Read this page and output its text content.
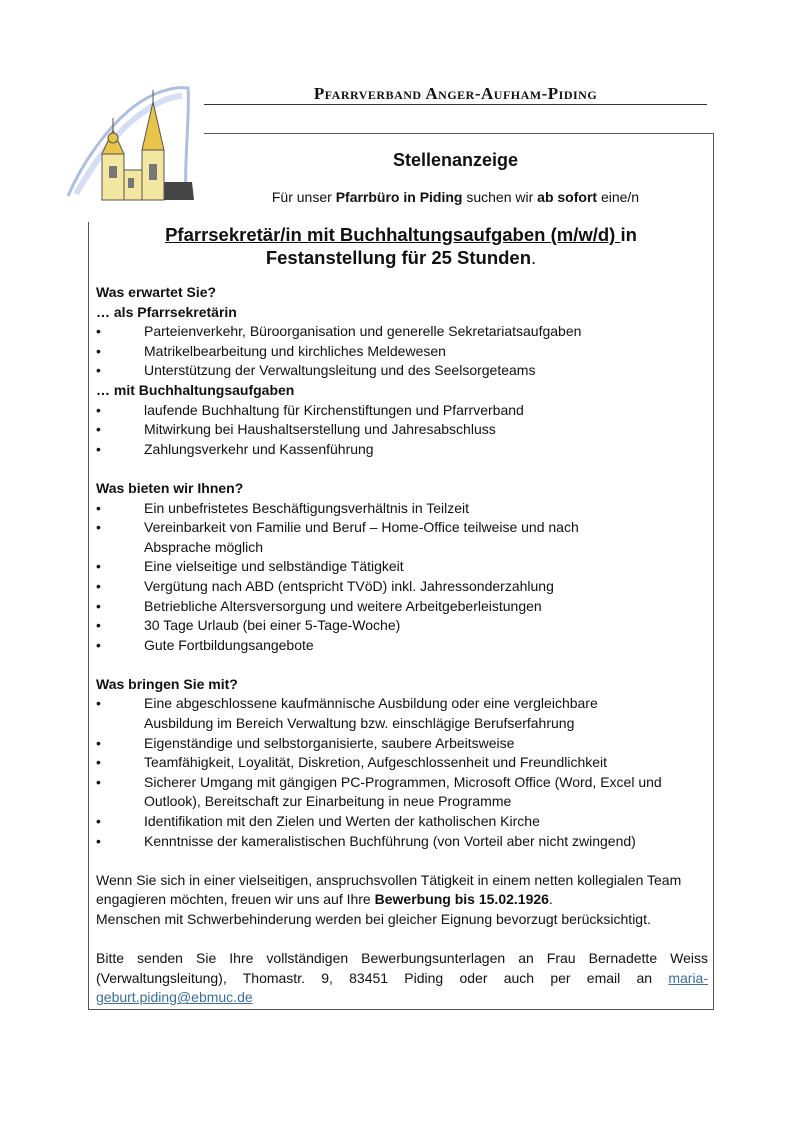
Pfarrverband Anger-Aufham-Piding
Stellenanzeige
Für unser Pfarrbüro in Piding suchen wir ab sofort eine/n
Pfarrsekretär/in mit Buchhaltungsaufgaben (m/w/d) in
Festanstellung für 25 Stunden.

Was erwartet Sie?

… als Pfarrsekretärin

• Parteienverkehr, Büroorganisation und generelle Sekretariatsaufgaben
• Matrikelbearbeitung und kirchliches Meldewesen
• Unterstützung der Verwaltungsleitung und des Seelsorgeteams

… mit Buchhaltungsaufgaben

• laufende Buchhaltung für Kirchenstiftungen und Pfarrverband
• Mitwirkung bei Haushaltserstellung und Jahresabschluss
• Zahlungsverkehr und Kassenführung

Was bieten wir Ihnen?

• Ein unbefristetes Beschäftigungsverhältnis in Teilzeit
• Vereinbarkeit von Familie und Beruf – Home-Office teilweise und nach Absprache möglich
• Eine vielseitige und selbständige Tätigkeit
• Vergütung nach ABD (entspricht TVöD) inkl. Jahressonderzahlung
• Betriebliche Altersversorgung und weitere Arbeitgeberleistungen
• 30 Tage Urlaub (bei einer 5-Tage-Woche)
• Gute Fortbildungsangebote

Was bringen Sie mit?

• Eine abgeschlossene kaufmännische Ausbildung oder eine vergleichbare Ausbildung im Bereich Verwaltung bzw. einschlägige Berufserfahrung
• Eigenständige und selbstorganisierte, saubere Arbeitsweise
• Teamfähigkeit, Loyalität, Diskretion, Aufgeschlossenheit und Freundlichkeit
• Sicherer Umgang mit gängigen PC-Programmen, Microsoft Office (Word, Excel und Outlook), Bereitschaft zur Einarbeitung in neue Programme
• Identifikation mit den Zielen und Werten der katholischen Kirche
• Kenntnisse der kameralistischen Buchführung (von Vorteil aber nicht zwingend)

Wenn Sie sich in einer vielseitigen, anspruchsvollen Tätigkeit in einem netten kollegialen Team engagieren möchten, freuen wir uns auf Ihre Bewerbung bis 15.02.1926.

Menschen mit Schwerbehinderung werden bei gleicher Eignung bevorzugt berücksichtigt.

Bitte senden Sie Ihre vollständigen Bewerbungsunterlagen an Frau Bernadette Weiss (Verwaltungsleitung), Thomastr. 9, 83451 Piding oder auch per email an maria-geburt.piding@ebmuc.de
